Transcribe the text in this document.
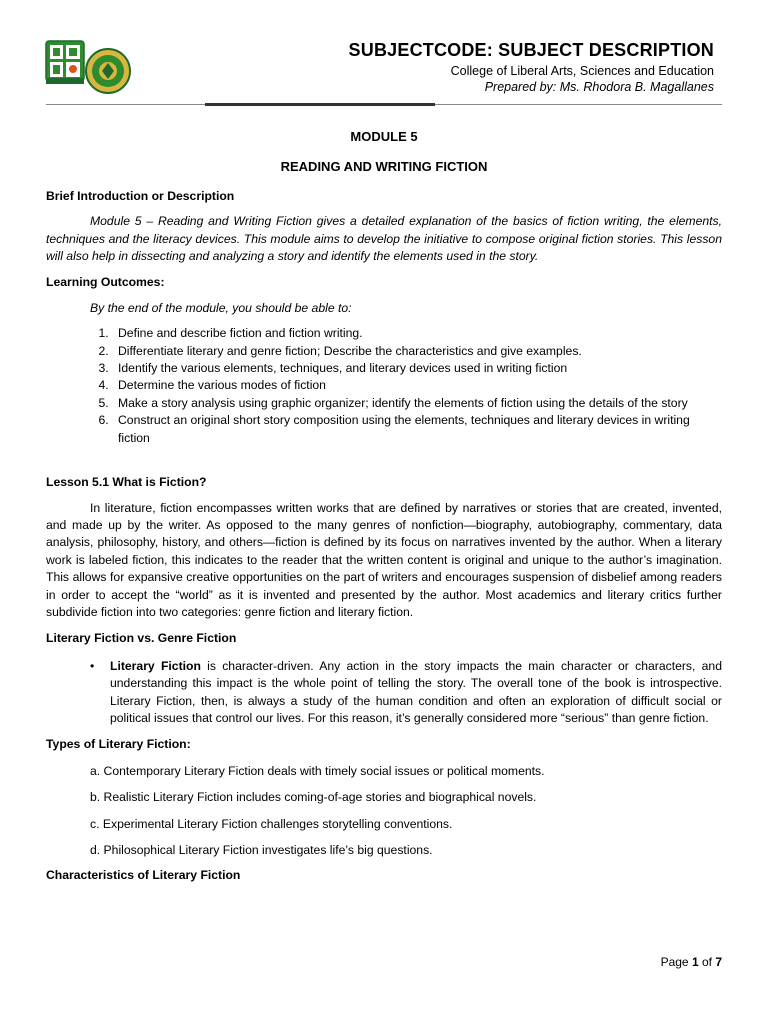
SUBJECTCODE: SUBJECT DESCRIPTION
College of Liberal Arts, Sciences and Education
Prepared by: Ms. Rhodora B. Magallanes
MODULE 5
READING AND WRITING FICTION

Brief Introduction or Description

Module 5 – Reading and Writing Fiction gives a detailed explanation of the basics of fiction writing, the elements, techniques and the literacy devices. This module aims to develop the initiative to compose original fiction stories. This lesson will also help in dissecting and analyzing a story and identify the elements used in the story.

Learning Outcomes:

By the end of the module, you should be able to:

1. Define and describe fiction and fiction writing.
2. Differentiate literary and genre fiction; Describe the characteristics and give examples.
3. Identify the various elements, techniques, and literary devices used in writing fiction
4. Determine the various modes of fiction
5. Make a story analysis using graphic organizer; identify the elements of fiction using the details of the story
6. Construct an original short story composition using the elements, techniques and literary devices in writing fiction

Lesson 5.1 What is Fiction?

In literature, fiction encompasses written works that are defined by narratives or stories that are created, invented, and made up by the writer. As opposed to the many genres of nonfiction—biography, autobiography, commentary, data analysis, philosophy, history, and others—fiction is defined by its focus on narratives invented by the author. When a literary work is labeled fiction, this indicates to the reader that the written content is original and unique to the author’s imagination. This allows for expansive creative opportunities on the part of writers and encourages suspension of disbelief among readers in order to accept the “world” as it is invented and presented by the author. Most academics and literary critics further subdivide fiction into two categories: genre fiction and literary fiction.

Literary Fiction vs. Genre Fiction

• Literary Fiction is character-driven. Any action in the story impacts the main character or characters, and understanding this impact is the whole point of telling the story. The overall tone of the book is introspective. Literary Fiction, then, is always a study of the human condition and often an exploration of difficult social or political issues that control our lives. For this reason, it’s generally considered more “serious” than genre fiction.

Types of Literary Fiction:

a. Contemporary Literary Fiction deals with timely social issues or political moments.

b. Realistic Literary Fiction includes coming-of-age stories and biographical novels.

c. Experimental Literary Fiction challenges storytelling conventions.

d. Philosophical Literary Fiction investigates life’s big questions.

Characteristics of Literary Fiction

Page 1 of 7
